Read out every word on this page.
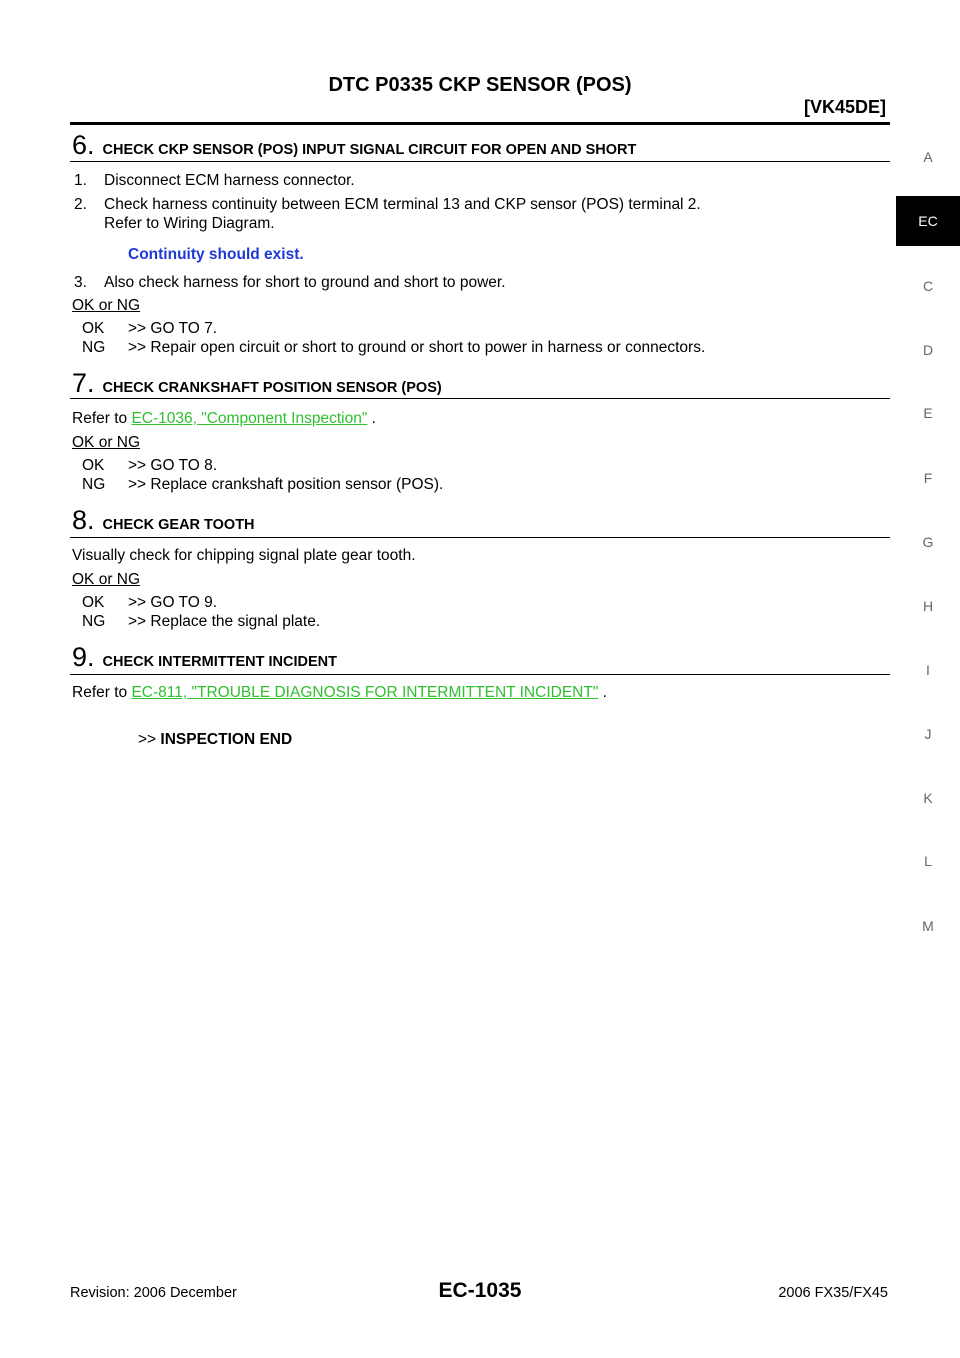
DTC P0335 CKP SENSOR (POS)
[VK45DE]
6. CHECK CKP SENSOR (POS) INPUT SIGNAL CIRCUIT FOR OPEN AND SHORT
1.	Disconnect ECM harness connector.
2.	Check harness continuity between ECM terminal 13 and CKP sensor (POS) terminal 2.
Refer to Wiring Diagram.
Continuity should exist.
3.	Also check harness for short to ground and short to power.
OK or NG
OK	>> GO TO 7.
NG	>> Repair open circuit or short to ground or short to power in harness or connectors.
7. CHECK CRANKSHAFT POSITION SENSOR (POS)
Refer to EC-1036, "Component Inspection" .
OK or NG
OK	>> GO TO 8.
NG	>> Replace crankshaft position sensor (POS).
8. CHECK GEAR TOOTH
Visually check for chipping signal plate gear tooth.
OK or NG
OK	>> GO TO 9.
NG	>> Replace the signal plate.
9. CHECK INTERMITTENT INCIDENT
Refer to EC-811, "TROUBLE DIAGNOSIS FOR INTERMITTENT INCIDENT" .
>> INSPECTION END
A
EC
C
D
E
F
G
H
I
J
K
L
M
Revision: 2006 December	EC-1035	2006 FX35/FX45
